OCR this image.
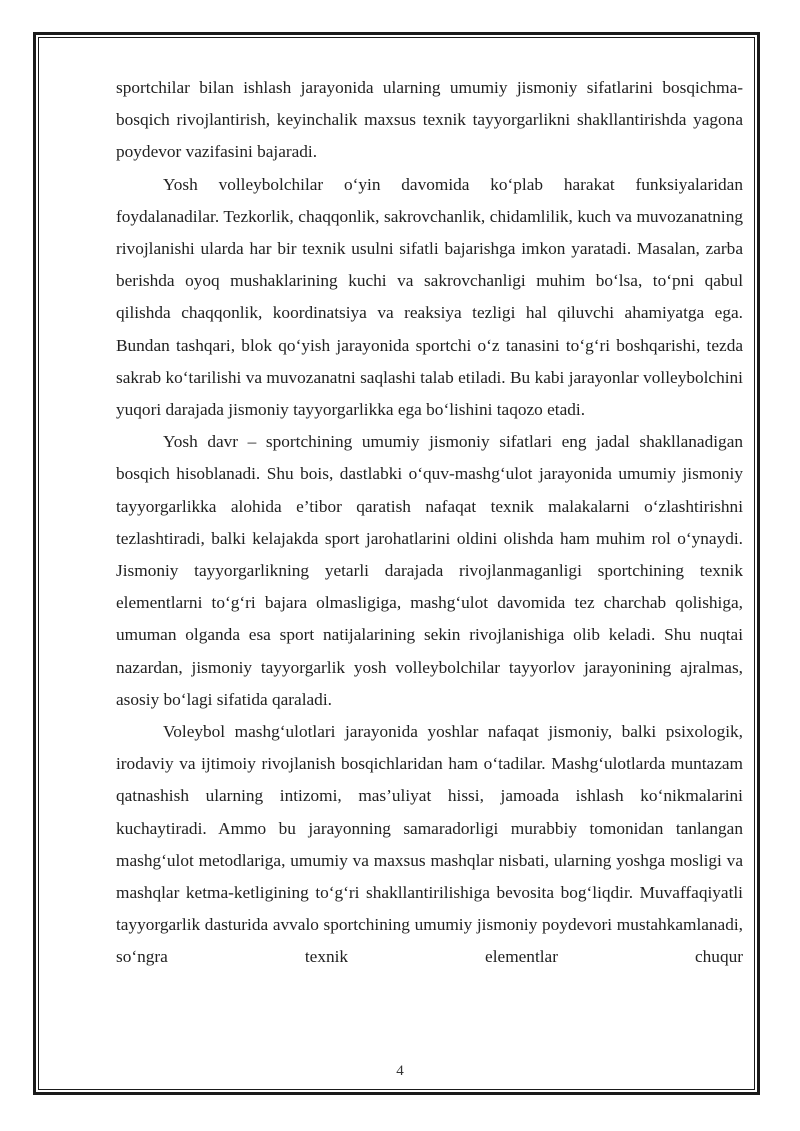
sportchilar bilan ishlash jarayonida ularning umumiy jismoniy sifatlarini bosqichma-bosqich rivojlantirish, keyinchalik maxsus texnik tayyorgarlikni shakllantirishda yagona poydevor vazifasini bajaradi.

Yosh volleybolchilar o‘yin davomida ko‘plab harakat funksiyalaridan foydalanadilar. Tezkorlik, chaqqonlik, sakrovchanlik, chidamlilik, kuch va muvozanatning rivojlanishi ularda har bir texnik usulni sifatli bajarishga imkon yaratadi. Masalan, zarba berishda oyoq mushaklarining kuchi va sakrovchanligi muhim bo‘lsa, to‘pni qabul qilishda chaqqonlik, koordinatsiya va reaksiya tezligi hal qiluvchi ahamiyatga ega. Bundan tashqari, blok qo‘yish jarayonida sportchi o‘z tanasini to‘g‘ri boshqarishi, tezda sakrab ko‘tarilishi va muvozanatni saqlashi talab etiladi. Bu kabi jarayonlar volleybolchini yuqori darajada jismoniy tayyorgarlikka ega bo‘lishini taqozo etadi.

Yosh davr – sportchining umumiy jismoniy sifatlari eng jadal shakllanadigan bosqich hisoblanadi. Shu bois, dastlabki o‘quv-mashg‘ulot jarayonida umumiy jismoniy tayyorgarlikka alohida e’tibor qaratish nafaqat texnik malakalarni o‘zlashtirishni tezlashtiradi, balki kelajakda sport jarohatlarini oldini olishda ham muhim rol o‘ynaydi. Jismoniy tayyorgarlikning yetarli darajada rivojlanmaganligi sportchining texnik elementlarni to‘g‘ri bajara olmasligiga, mashg‘ulot davomida tez charchab qolishiga, umuman olganda esa sport natijalarining sekin rivojlanishiga olib keladi. Shu nuqtai nazardan, jismoniy tayyorgarlik yosh volleybolchilar tayyorlov jarayonining ajralmas, asosiy bo‘lagi sifatida qaraladi.

Voleybol mashg‘ulotlari jarayonida yoshlar nafaqat jismoniy, balki psixologik, irodaviy va ijtimoiy rivojlanish bosqichlaridan ham o‘tadilar. Mashg‘ulotlarda muntazam qatnashish ularning intizomi, mas’uliyat hissi, jamoada ishlash ko‘nikmalarini kuchaytiradi. Ammo bu jarayonning samaradorligi murabbiy tomonidan tanlangan mashg‘ulot metodlariga, umumiy va maxsus mashqlar nisbati, ularning yoshga mosligi va mashqlar ketma-ketligining to‘g‘ri shakllantirilishiga bevosita bog‘liqdir. Muvaffaqiyatli tayyorgarlik dasturida avvalo sportchining umumiy jismoniy poydevori mustahkamlanadi, so‘ngra texnik elementlar chuqur

4
